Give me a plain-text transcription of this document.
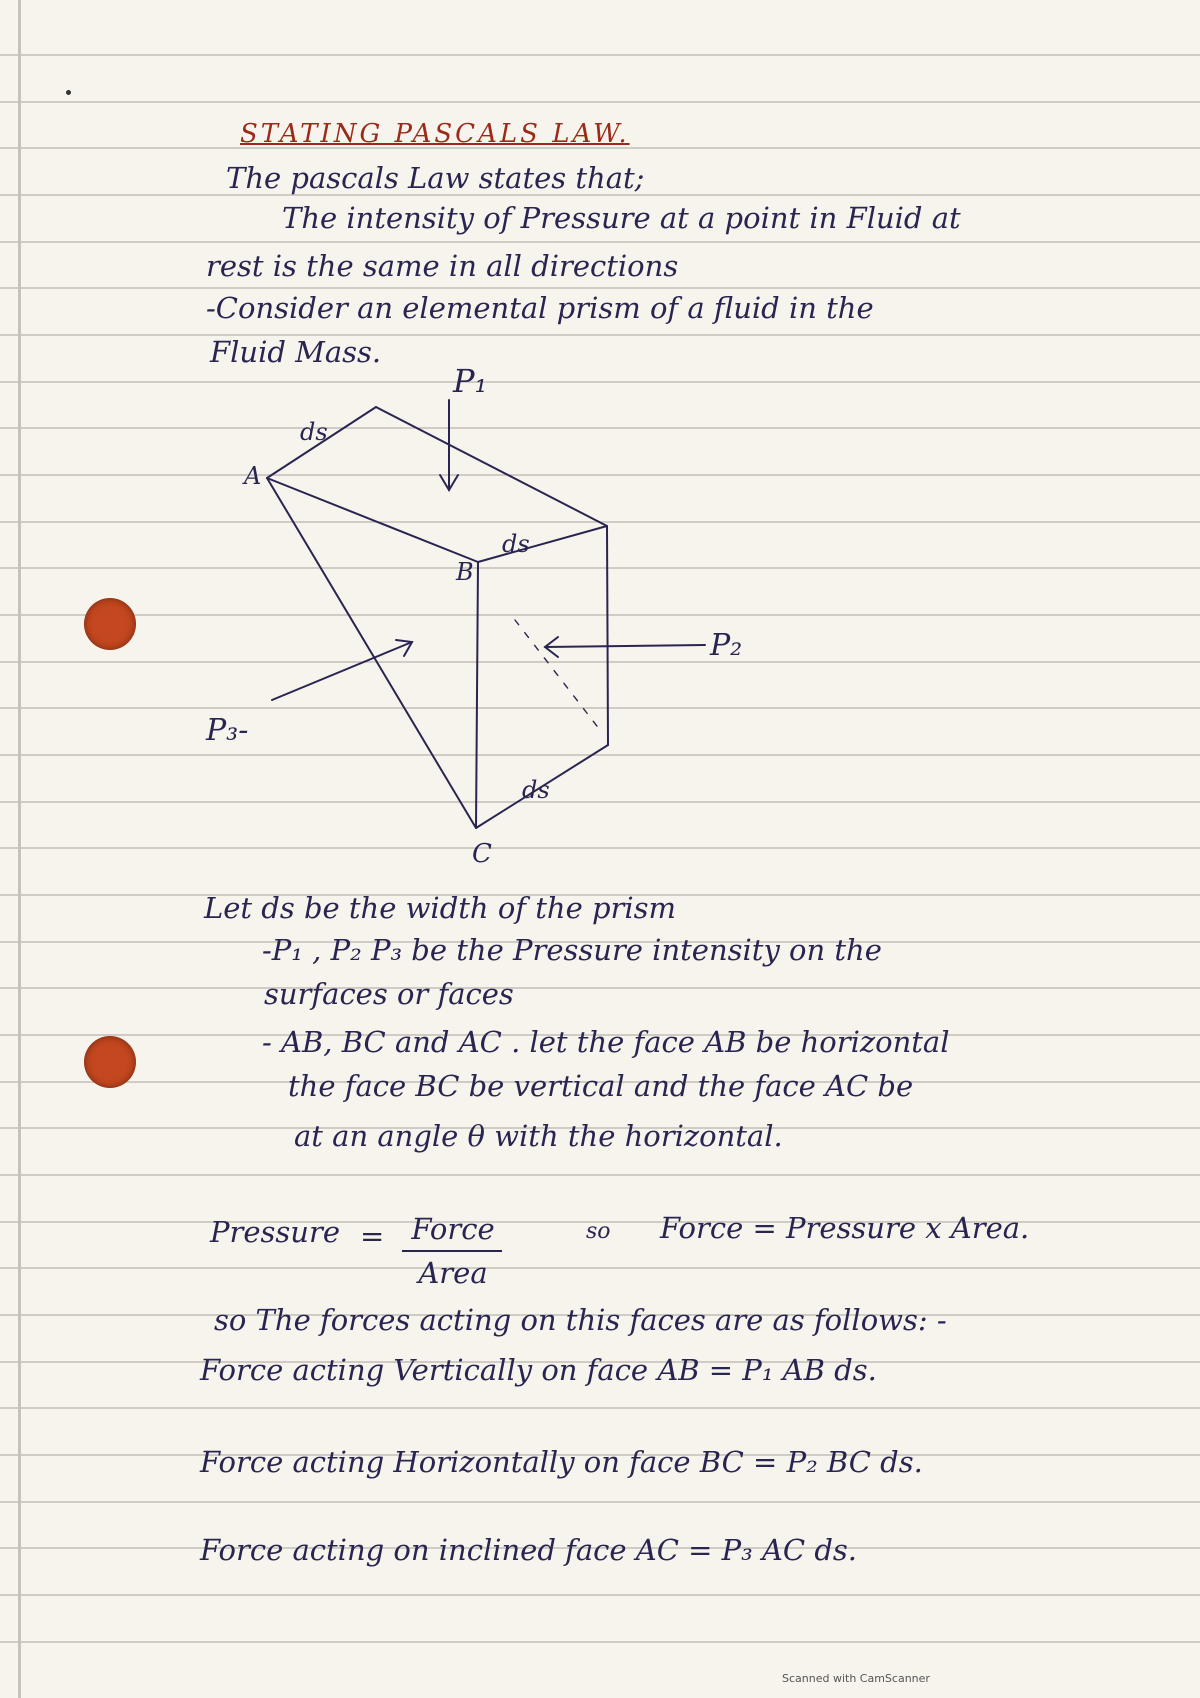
STATING PASCALS LAW.
The pascals Law states that;
The intensity of Pressure at a point in Fluid at
rest is the same in all directions
-Consider an elemental prism of a fluid in the
Fluid Mass.
P₁
P₂
P₃-
A
B
C
ds
ds
ds
Let ds be the width of the prism
-P₁ , P₂ P₃ be the Pressure intensity on the
surfaces or faces
- AB, BC and AC . let the face AB be horizontal
the face BC be vertical and the face AC be
at an angle θ with the horizontal.
Pressure = Force
Area
so Force = Pressure x Area.
so The forces acting on this faces are as follows: -
Force acting Vertically on face AB = P₁ AB ds.
Force acting Horizontally on face BC = P₂ BC ds.
Force acting on inclined face AC = P₃ AC ds.
Scanned with CamScanner
